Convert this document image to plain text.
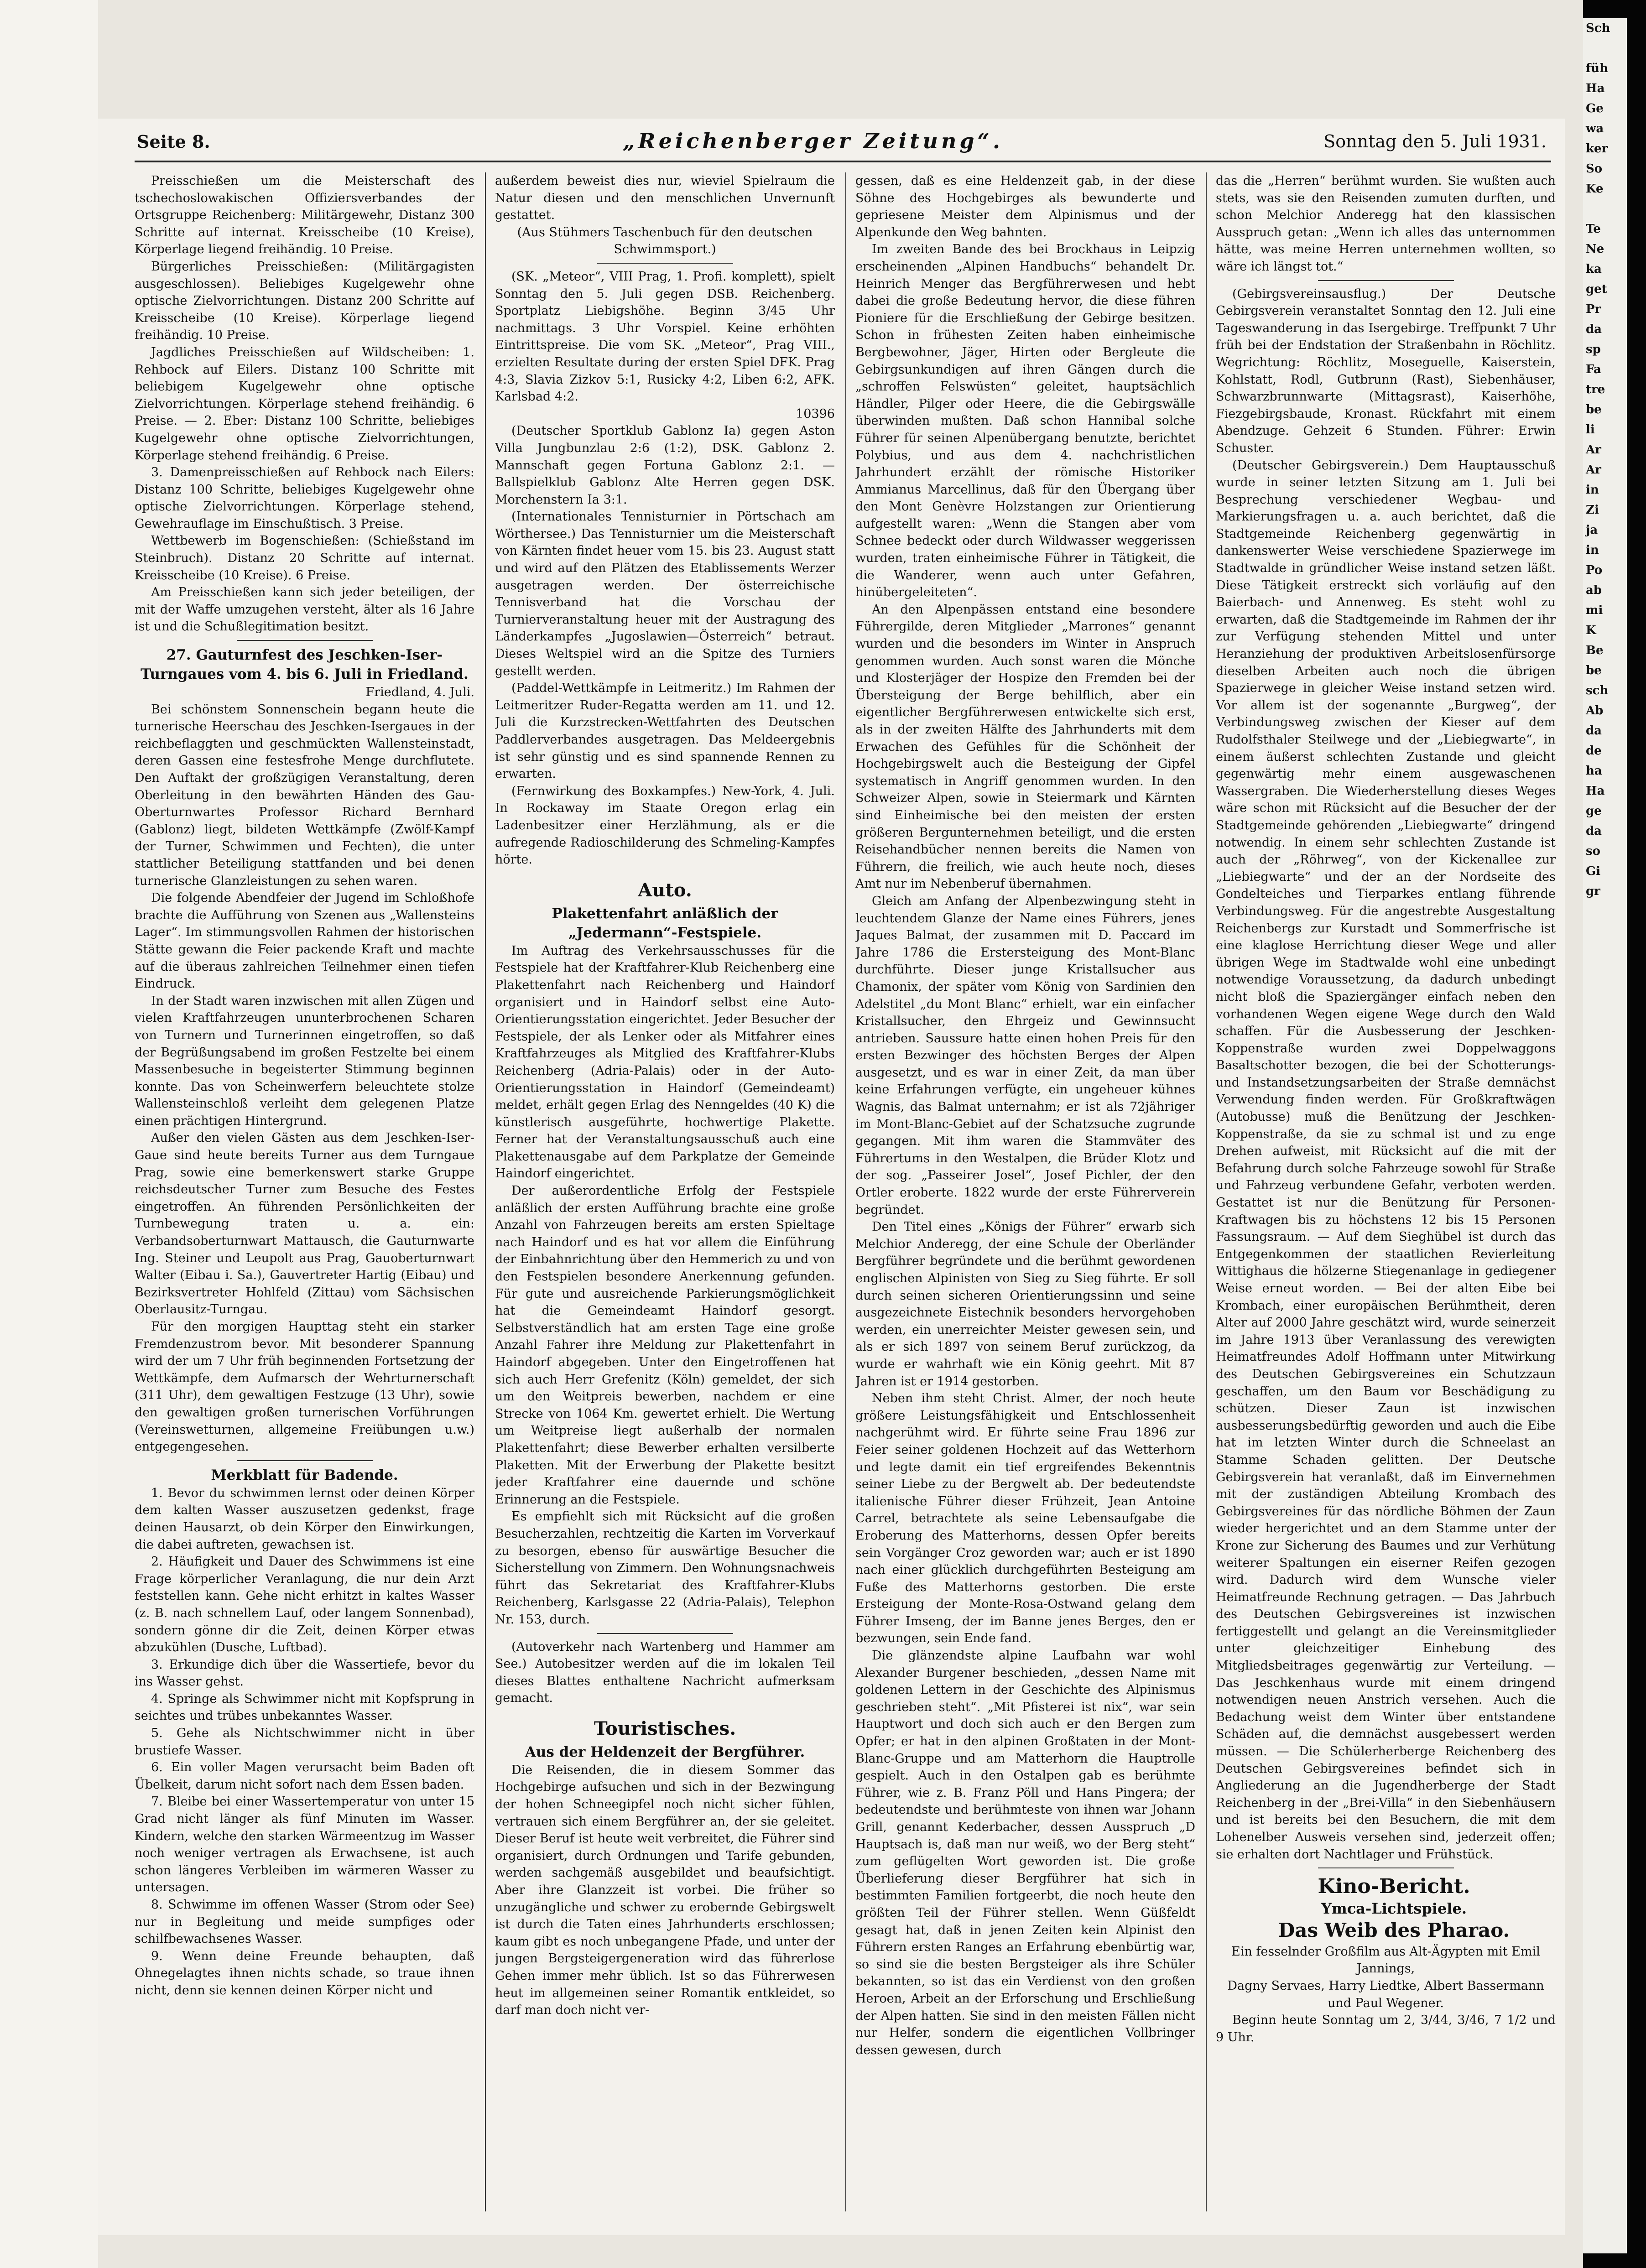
Seite 8.	„Reichenberger Zeitung“.	Sonntag den 5. Juli 1931.

Preisschießen um die Meisterschaft des tschechoslowakischen Offiziersverbandes der Ortsgruppe Reichenberg: Militärgewehr, Distanz 300 Schritte auf internat. Kreisscheibe (10 Kreise), Körperlage liegend freihändig. 10 Preise.

Bürgerliches Preisschießen: (Militärgagisten ausgeschlossen). Beliebiges Kugelgewehr ohne optische Zielvorrichtungen. Distanz 200 Schritte auf Kreisscheibe (10 Kreise). Körperlage liegend freihändig. 10 Preise.

Jagdliches Preisschießen auf Wildscheiben: 1. Rehbock auf Eilers. Distanz 100 Schritte mit beliebigem Kugelgewehr ohne optische Zielvorrichtungen. Körperlage stehend freihändig. 6 Preise. — 2. Eber: Distanz 100 Schritte, beliebiges Kugelgewehr ohne optische Zielvorrichtungen, Körperlage stehend freihändig. 6 Preise.

3. Damenpreisschießen auf Rehbock nach Eilers: Distanz 100 Schritte, beliebiges Kugelgewehr ohne optische Zielvorrichtungen. Körperlage stehend, Gewehrauflage im Einschußtisch. 3 Preise.

Wettbewerb im Bogenschießen: (Schießstand im Steinbruch). Distanz 20 Schritte auf internat. Kreisscheibe (10 Kreise). 6 Preise.

Am Preisschießen kann sich jeder beteiligen, der mit der Waffe umzugehen versteht, älter als 16 Jahre ist und die Schußlegitimation besitzt.

27. Gauturnfest des Jeschken-Iser-Turngaues vom 4. bis 6. Juli in Friedland.

Friedland, 4. Juli.

Bei schönstem Sonnenschein begann heute die turnerische Heerschau des Jeschken-Isergaues in der reichbeflaggten und geschmückten Wallensteinstadt, deren Gassen eine festesfrohe Menge durchflutete. Den Auftakt der großzügigen Veranstaltung, deren Oberleitung in den bewährten Händen des Gau-Oberturnwartes Professor Richard Bernhard (Gablonz) liegt, bildeten Wettkämpfe (Zwölf-Kampf der Turner, Schwimmen und Fechten), die unter stattlicher Beteiligung stattfanden und bei denen turnerische Glanzleistungen zu sehen waren.

Die folgende Abendfeier der Jugend im Schloßhofe brachte die Aufführung von Szenen aus „Wallensteins Lager“. Im stimmungsvollen Rahmen der historischen Stätte gewann die Feier packende Kraft und machte auf die überaus zahlreichen Teilnehmer einen tiefen Eindruck.

In der Stadt waren inzwischen mit allen Zügen und vielen Kraftfahrzeugen ununterbrochenen Scharen von Turnern und Turnerinnen eingetroffen, so daß der Begrüßungsabend im großen Festzelte bei einem Massenbesuche in begeisterter Stimmung beginnen konnte. Das von Scheinwerfern beleuchtete stolze Wallensteinschloß verleiht dem gelegenen Platze einen prächtigen Hintergrund.

Außer den vielen Gästen aus dem Jeschken-Iser-Gaue sind heute bereits Turner aus dem Turngaue Prag, sowie eine bemerkenswert starke Gruppe reichsdeutscher Turner zum Besuche des Festes eingetroffen. An führenden Persönlichkeiten der Turnbewegung traten u. a. ein: Verbandsoberturnwart Mattausch, die Gauturnwarte Ing. Steiner und Leupolt aus Prag, Gauoberturnwart Walter (Eibau i. Sa.), Gauvertreter Hartig (Eibau) und Bezirksvertreter Hohlfeld (Zittau) vom Sächsischen Oberlausitz-Turngau.

Für den morgigen Haupttag steht ein starker Fremdenzustrom bevor. Mit besonderer Spannung wird der um 7 Uhr früh beginnenden Fortsetzung der Wettkämpfe, dem Aufmarsch der Wehrturnerschaft (311 Uhr), dem gewaltigen Festzuge (13 Uhr), sowie den gewaltigen großen turnerischen Vorführungen (Vereinswetturnen, allgemeine Freiübungen u.w.) entgegengesehen.

Merkblatt für Badende.

1. Bevor du schwimmen lernst oder deinen Körper dem kalten Wasser auszusetzen gedenkst, frage deinen Hausarzt, ob dein Körper den Einwirkungen, die dabei auftreten, gewachsen ist.

2. Häufigkeit und Dauer des Schwimmens ist eine Frage körperlicher Veranlagung, die nur dein Arzt feststellen kann. Gehe nicht erhitzt in kaltes Wasser (z. B. nach schnellem Lauf, oder langem Sonnenbad), sondern gönne dir die Zeit, deinen Körper etwas abzukühlen (Dusche, Luftbad).

3. Erkundige dich über die Wassertiefe, bevor du ins Wasser gehst.

4. Springe als Schwimmer nicht mit Kopfsprung in seichtes und trübes unbekanntes Wasser.

5. Gehe als Nichtschwimmer nicht in über brustiefe Wasser.

6. Ein voller Magen verursacht beim Baden oft Übelkeit, darum nicht sofort nach dem Essen baden.

7. Bleibe bei einer Wassertemperatur von unter 15 Grad nicht länger als fünf Minuten im Wasser. Kindern, welche den starken Wärmeentzug im Wasser noch weniger vertragen als Erwachsene, ist auch schon längeres Verbleiben im wärmeren Wasser zu untersagen.

8. Schwimme im offenen Wasser (Strom oder See) nur in Begleitung und meide sumpfiges oder schilfbewachsenes Wasser.

9. Wenn deine Freunde behaupten, daß Ohnegelagtes ihnen nichts schade, so traue ihnen nicht, denn sie kennen deinen Körper nicht und

außerdem beweist dies nur, wieviel Spielraum die Natur diesen und den menschlichen Unvernunft gestattet.

(Aus Stühmers Taschenbuch für den deutschen Schwimmsport.)

(SK. „Meteor“, VIII Prag, 1. Profi. komplett), spielt Sonntag den 5. Juli gegen DSB. Reichenberg. Sportplatz Liebigshöhe. Beginn 3/45 Uhr nachmittags. 3 Uhr Vorspiel. Keine erhöhten Eintrittspreise. Die vom SK. „Meteor“, Prag VIII., erzielten Resultate during der ersten Spiel DFK. Prag 4:3, Slavia Zizkov 5:1, Rusicky 4:2, Liben 6:2, AFK. Karlsbad 4:2.

10396

(Deutscher Sportklub Gablonz Ia) gegen Aston Villa Jungbunzlau 2:6 (1:2), DSK. Gablonz 2. Mannschaft gegen Fortuna Gablonz 2:1. — Ballspielklub Gablonz Alte Herren gegen DSK. Morchenstern Ia 3:1.

(Internationales Tennisturnier in Pörtschach am Wörthersee.) Das Tennisturnier um die Meisterschaft von Kärnten findet heuer vom 15. bis 23. August statt und wird auf den Plätzen des Etablissements Werzer ausgetragen werden. Der österreichische Tennisverband hat die Vorschau der Turnierveranstaltung heuer mit der Austragung des Länderkampfes „Jugoslawien—Österreich“ betraut. Dieses Weltspiel wird an die Spitze des Turniers gestellt werden.

(Paddel-Wettkämpfe in Leitmeritz.) Im Rahmen der Leitmeritzer Ruder-Regatta werden am 11. und 12. Juli die Kurzstrecken-Wettfahrten des Deutschen Paddlerverbandes ausgetragen. Das Meldeergebnis ist sehr günstig und es sind spannende Rennen zu erwarten.

(Fernwirkung des Boxkampfes.) New-York, 4. Juli. In Rockaway im Staate Oregon erlag ein Ladenbesitzer einer Herzlähmung, als er die aufregende Radioschilderung des Schmeling-Kampfes hörte.

Auto.

Plakettenfahrt anläßlich der „Jedermann“-Festspiele.

Im Auftrag des Verkehrsausschusses für die Festspiele hat der Kraftfahrer-Klub Reichenberg eine Plakettenfahrt nach Reichenberg und Haindorf organisiert und in Haindorf selbst eine Auto-Orientierungsstation eingerichtet. Jeder Besucher der Festspiele, der als Lenker oder als Mitfahrer eines Kraftfahrzeuges als Mitglied des Kraftfahrer-Klubs Reichenberg (Adria-Palais) oder in der Auto-Orientierungsstation in Haindorf (Gemeindeamt) meldet, erhält gegen Erlag des Nenngeldes (40 K) die künstlerisch ausgeführte, hochwertige Plakette. Ferner hat der Veranstaltungsausschuß auch eine Plakettenausgabe auf dem Parkplatze der Gemeinde Haindorf eingerichtet.

Der außerordentliche Erfolg der Festspiele anläßlich der ersten Aufführung brachte eine große Anzahl von Fahrzeugen bereits am ersten Spieltage nach Haindorf und es hat vor allem die Einführung der Einbahnrichtung über den Hemmerich zu und von den Festspielen besondere Anerkennung gefunden. Für gute und ausreichende Parkierungsmöglichkeit hat die Gemeindeamt Haindorf gesorgt. Selbstverständlich hat am ersten Tage eine große Anzahl Fahrer ihre Meldung zur Plakettenfahrt in Haindorf abgegeben. Unter den Eingetroffenen hat sich auch Herr Grefenitz (Köln) gemeldet, der sich um den Weitpreis bewerben, nachdem er eine Strecke von 1064 Km. gewertet erhielt. Die Wertung um Weitpreise liegt außerhalb der normalen Plakettenfahrt; diese Bewerber erhalten versilberte Plaketten. Mit der Erwerbung der Plakette besitzt jeder Kraftfahrer eine dauernde und schöne Erinnerung an die Festspiele.

Es empfiehlt sich mit Rücksicht auf die großen Besucherzahlen, rechtzeitig die Karten im Vorverkauf zu besorgen, ebenso für auswärtige Besucher die Sicherstellung von Zimmern. Den Wohnungsnachweis führt das Sekretariat des Kraftfahrer-Klubs Reichenberg, Karlsgasse 22 (Adria-Palais), Telephon Nr. 153, durch.

(Autoverkehr nach Wartenberg und Hammer am See.) Autobesitzer werden auf die im lokalen Teil dieses Blattes enthaltene Nachricht aufmerksam gemacht.

Touristisches.

Aus der Heldenzeit der Bergführer.

Die Reisenden, die in diesem Sommer das Hochgebirge aufsuchen und sich in der Bezwingung der hohen Schneegipfel noch nicht sicher fühlen, vertrauen sich einem Bergführer an, der sie geleitet. Dieser Beruf ist heute weit verbreitet, die Führer sind organisiert, durch Ordnungen und Tarife gebunden, werden sachgemäß ausgebildet und beaufsichtigt. Aber ihre Glanzzeit ist vorbei. Die früher so unzugängliche und schwer zu erobernde Gebirgswelt ist durch die Taten eines Jahrhunderts erschlossen; kaum gibt es noch unbegangene Pfade, und unter der jungen Bergsteigergeneration wird das führerlose Gehen immer mehr üblich. Ist so das Führerwesen heut im allgemeinen seiner Romantik entkleidet, so darf man doch nicht ver-

gessen, daß es eine Heldenzeit gab, in der diese Söhne des Hochgebirges als bewunderte und gepriesene Meister dem Alpinismus und der Alpenkunde den Weg bahnten.

Im zweiten Bande des bei Brockhaus in Leipzig erscheinenden „Alpinen Handbuchs“ behandelt Dr. Heinrich Menger das Bergführerwesen und hebt dabei die große Bedeutung hervor, die diese führen Pioniere für die Erschließung der Gebirge besitzen. Schon in frühesten Zeiten haben einheimische Bergbewohner, Jäger, Hirten oder Bergleute die Gebirgsunkundigen auf ihren Gängen durch die „schroffen Felswüsten“ geleitet, hauptsächlich Händler, Pilger oder Heere, die die Gebirgswälle überwinden mußten. Daß schon Hannibal solche Führer für seinen Alpenübergang benutzte, berichtet Polybius, und aus dem 4. nachchristlichen Jahrhundert erzählt der römische Historiker Ammianus Marcellinus, daß für den Übergang über den Mont Genèvre Holzstangen zur Orientierung aufgestellt waren: „Wenn die Stangen aber vom Schnee bedeckt oder durch Wildwasser weggerissen wurden, traten einheimische Führer in Tätigkeit, die die Wanderer, wenn auch unter Gefahren, hinübergeleiteten“.

An den Alpenpässen entstand eine besondere Führergilde, deren Mitglieder „Marrones“ genannt wurden und die besonders im Winter in Anspruch genommen wurden. Auch sonst waren die Mönche und Klosterjäger der Hospize den Fremden bei der Übersteigung der Berge behilflich, aber ein eigentlicher Bergführerwesen entwickelte sich erst, als in der zweiten Hälfte des Jahrhunderts mit dem Erwachen des Gefühles für die Schönheit der Hochgebirgswelt auch die Besteigung der Gipfel systematisch in Angriff genommen wurden. In den Schweizer Alpen, sowie in Steiermark und Kärnten sind Einheimische bei den meisten der ersten größeren Bergunternehmen beteiligt, und die ersten Reisehandbücher nennen bereits die Namen von Führern, die freilich, wie auch heute noch, dieses Amt nur im Nebenberuf übernahmen.

Gleich am Anfang der Alpenbezwingung steht in leuchtendem Glanze der Name eines Führers, jenes Jaques Balmat, der zusammen mit D. Paccard im Jahre 1786 die Erstersteigung des Mont-Blanc durchführte. Dieser junge Kristallsucher aus Chamonix, der später vom König von Sardinien den Adelstitel „du Mont Blanc“ erhielt, war ein einfacher Kristallsucher, den Ehrgeiz und Gewinnsucht antrieben. Saussure hatte einen hohen Preis für den ersten Bezwinger des höchsten Berges der Alpen ausgesetzt, und es war in einer Zeit, da man über keine Erfahrungen verfügte, ein ungeheuer kühnes Wagnis, das Balmat unternahm; er ist als 72jähriger im Mont-Blanc-Gebiet auf der Schatzsuche zugrunde gegangen. Mit ihm waren die Stammväter des Führertums in den Westalpen, die Brüder Klotz und der sog. „Passeirer Josel“, Josef Pichler, der den Ortler eroberte. 1822 wurde der erste Führerverein begründet.

Den Titel eines „Königs der Führer“ erwarb sich Melchior Anderegg, der eine Schule der Oberländer Bergführer begründete und die berühmt gewordenen englischen Alpinisten von Sieg zu Sieg führte. Er soll durch seinen sicheren Orientierungssinn und seine ausgezeichnete Eistechnik besonders hervorgehoben werden, ein unerreichter Meister gewesen sein, und als er sich 1897 von seinem Beruf zurückzog, da wurde er wahrhaft wie ein König geehrt. Mit 87 Jahren ist er 1914 gestorben.

Neben ihm steht Christ. Almer, der noch heute größere Leistungsfähigkeit und Entschlossenheit nachgerühmt wird. Er führte seine Frau 1896 zur Feier seiner goldenen Hochzeit auf das Wetterhorn und legte damit ein tief ergreifendes Bekenntnis seiner Liebe zu der Bergwelt ab. Der bedeutendste italienische Führer dieser Frühzeit, Jean Antoine Carrel, betrachtete als seine Lebensaufgabe die Eroberung des Matterhorns, dessen Opfer bereits sein Vorgänger Croz geworden war; auch er ist 1890 nach einer glücklich durchgeführten Besteigung am Fuße des Matterhorns gestorben. Die erste Ersteigung der Monte-Rosa-Ostwand gelang dem Führer Imseng, der im Banne jenes Berges, den er bezwungen, sein Ende fand.

Die glänzendste alpine Laufbahn war wohl Alexander Burgener beschieden, „dessen Name mit goldenen Lettern in der Geschichte des Alpinismus geschrieben steht“. „Mit Pfisterei ist nix“, war sein Hauptwort und doch sich auch er den Bergen zum Opfer; er hat in den alpinen Großtaten in der Mont-Blanc-Gruppe und am Matterhorn die Hauptrolle gespielt. Auch in den Ostalpen gab es berühmte Führer, wie z. B. Franz Pöll und Hans Pingera; der bedeutendste und berühmteste von ihnen war Johann Grill, genannt Kederbacher, dessen Ausspruch „D Hauptsach is, daß man nur weiß, wo der Berg steht“ zum geflügelten Wort geworden ist. Die große Überlieferung dieser Bergführer hat sich in bestimmten Familien fortgeerbt, die noch heute den größten Teil der Führer stellen. Wenn Güßfeldt gesagt hat, daß in jenen Zeiten kein Alpinist den Führern ersten Ranges an Erfahrung ebenbürtig war, so sind sie die besten Bergsteiger als ihre Schüler bekannten, so ist das ein Verdienst von den großen Heroen, Arbeit an der Erforschung und Erschließung der Alpen hatten. Sie sind in den meisten Fällen nicht nur Helfer, sondern die eigentlichen Vollbringer dessen gewesen, durch

das die „Herren“ berühmt wurden. Sie wußten auch stets, was sie den Reisenden zumuten durften, und schon Melchior Anderegg hat den klassischen Ausspruch getan: „Wenn ich alles das unternommen hätte, was meine Herren unternehmen wollten, so wäre ich längst tot.“

(Gebirgsvereinsausflug.) Der Deutsche Gebirgsverein veranstaltet Sonntag den 12. Juli eine Tageswanderung in das Isergebirge. Treffpunkt 7 Uhr früh bei der Endstation der Straßenbahn in Röchlitz. Wegrichtung: Röchlitz, Moseguelle, Kaiserstein, Kohlstatt, Rodl, Gutbrunn (Rast), Siebenhäuser, Schwarzbrunnwarte (Mittagsrast), Kaiserhöhe, Fiezgebirgsbaude, Kronast. Rückfahrt mit einem Abendzuge. Gehzeit 6 Stunden. Führer: Erwin Schuster.

(Deutscher Gebirgsverein.) Dem Hauptausschuß wurde in seiner letzten Sitzung am 1. Juli bei Besprechung verschiedener Wegbau- und Markierungsfragen u. a. auch berichtet, daß die Stadtgemeinde Reichenberg gegenwärtig in dankenswerter Weise verschiedene Spazierwege im Stadtwalde in gründlicher Weise instand setzen läßt. Diese Tätigkeit erstreckt sich vorläufig auf den Baierbach- und Annenweg. Es steht wohl zu erwarten, daß die Stadtgemeinde im Rahmen der ihr zur Verfügung stehenden Mittel und unter Heranziehung der produktiven Arbeitslosenfürsorge dieselben Arbeiten auch noch die übrigen Spazierwege in gleicher Weise instand setzen wird. Vor allem ist der sogenannte „Burgweg“, der Verbindungsweg zwischen der Kieser auf dem Rudolfsthaler Steilwege und der „Liebiegwarte“, in einem äußerst schlechten Zustande und gleicht gegenwärtig mehr einem ausgewaschenen Wassergraben. Die Wiederherstellung dieses Weges wäre schon mit Rücksicht auf die Besucher der der Stadtgemeinde gehörenden „Liebiegwarte“ dringend notwendig. In einem sehr schlechten Zustande ist auch der „Röhrweg“, von der Kickenallee zur „Liebiegwarte“ und der an der Nordseite des Gondelteiches und Tierparkes entlang führende Verbindungsweg. Für die angestrebte Ausgestaltung Reichenbergs zur Kurstadt und Sommerfrische ist eine klaglose Herrichtung dieser Wege und aller übrigen Wege im Stadtwalde wohl eine unbedingt notwendige Voraussetzung, da dadurch unbedingt nicht bloß die Spaziergänger einfach neben den vorhandenen Wegen eigene Wege durch den Wald schaffen. Für die Ausbesserung der Jeschken-Koppenstraße wurden zwei Doppelwaggons Basaltschotter bezogen, die bei der Schotterungs- und Instandsetzungsarbeiten der Straße demnächst Verwendung finden werden. Für Großkraftwägen (Autobusse) muß die Benützung der Jeschken-Koppenstraße, da sie zu schmal ist und zu enge Drehen aufweist, mit Rücksicht auf die mit der Befahrung durch solche Fahrzeuge sowohl für Straße und Fahrzeug verbundene Gefahr, verboten werden. Gestattet ist nur die Benützung für Personen-Kraftwagen bis zu höchstens 12 bis 15 Personen Fassungsraum. — Auf dem Sieghübel ist durch das Entgegenkommen der staatlichen Revierleitung Wittighaus die hölzerne Stiegenanlage in gediegener Weise erneut worden. — Bei der alten Eibe bei Krombach, einer europäischen Berühmtheit, deren Alter auf 2000 Jahre geschätzt wird, wurde seinerzeit im Jahre 1913 über Veranlassung des verewigten Heimatfreundes Adolf Hoffmann unter Mitwirkung des Deutschen Gebirgsvereines ein Schutzzaun geschaffen, um den Baum vor Beschädigung zu schützen. Dieser Zaun ist inzwischen ausbesserungsbedürftig geworden und auch die Eibe hat im letzten Winter durch die Schneelast an Stamme Schaden gelitten. Der Deutsche Gebirgsverein hat veranlaßt, daß im Einvernehmen mit der zuständigen Abteilung Krombach des Gebirgsvereines für das nördliche Böhmen der Zaun wieder hergerichtet und an dem Stamme unter der Krone zur Sicherung des Baumes und zur Verhütung weiterer Spaltungen ein eiserner Reifen gezogen wird. Dadurch wird dem Wunsche vieler Heimatfreunde Rechnung getragen. — Das Jahrbuch des Deutschen Gebirgsvereines ist inzwischen fertiggestellt und gelangt an die Vereinsmitglieder unter gleichzeitiger Einhebung des Mitgliedsbeitrages gegenwärtig zur Verteilung. — Das Jeschkenhaus wurde mit einem dringend notwendigen neuen Anstrich versehen. Auch die Bedachung weist dem Winter über entstandene Schäden auf, die demnächst ausgebessert werden müssen. — Die Schülerherberge Reichenberg des Deutschen Gebirgsvereines befindet sich in Angliederung an die Jugendherberge der Stadt Reichenberg in der „Brei-Villa“ in den Siebenhäusern und ist bereits bei den Besuchern, die mit dem Lohenelber Ausweis versehen sind, jederzeit offen; sie erhalten dort Nachtlager und Frühstück.

Kino-Bericht.

Ymca-Lichtspiele.

Das Weib des Pharao.

Ein fesselnder Großfilm aus Alt-Ägypten mit Emil Jannings,

Dagny Servaes, Harry Liedtke, Albert Bassermann und Paul Wegener.

Beginn heute Sonntag um 2, 3/44, 3/46, 7 1/2 und 9 Uhr.

Sch

füh
Ha
Ge
wa
ker
So
Ke

Te
Ne
ka
get
Pr
da
sp
Fa
tre
be
li
Ar
Ar
in
Zi
ja
in
Po
ab
mi
K
Be
be
sch
Ab
da
de
ha
Ha
ge
da
so
Gi
gr
